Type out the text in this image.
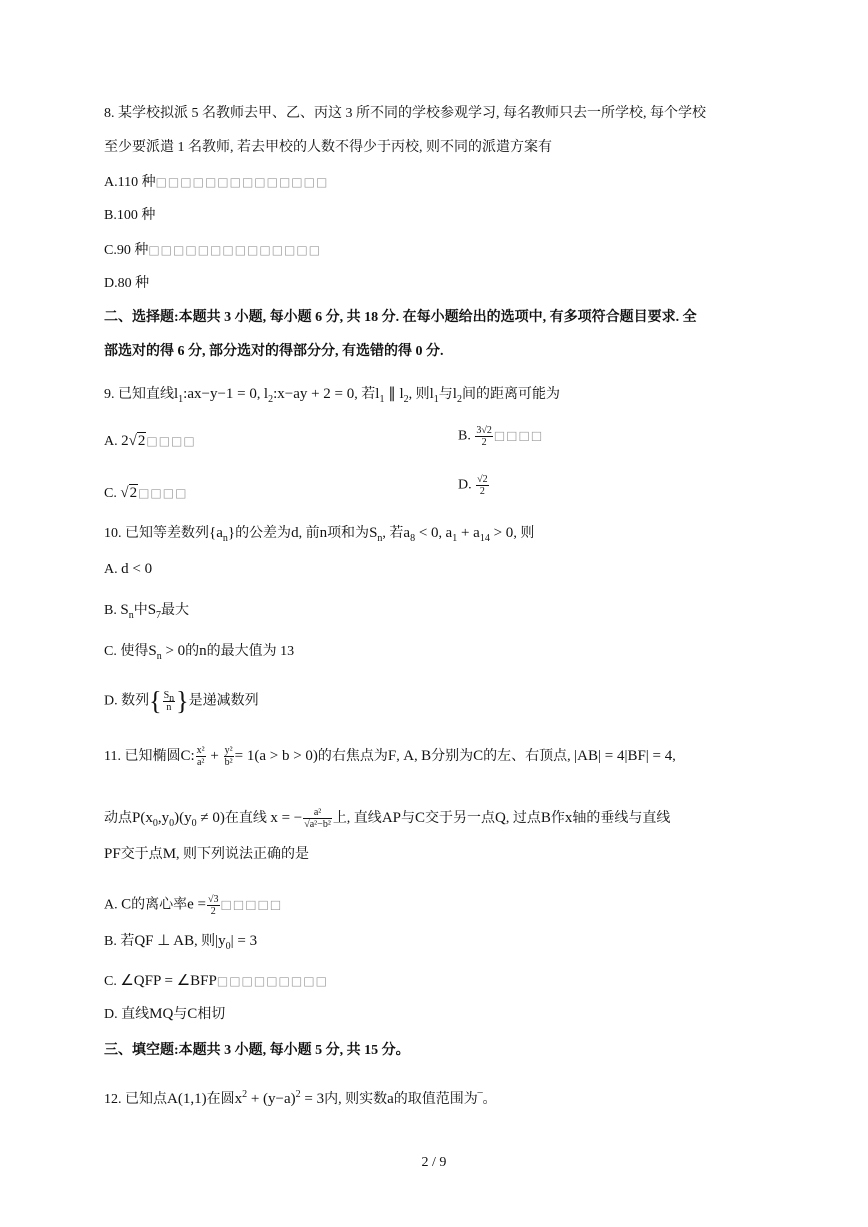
8. 某学校拟派 5 名教师去甲、乙、丙这 3 所不同的学校参观学习, 每名教师只去一所学校, 每个学校
至少要派遣 1 名教师, 若去甲校的人数不得少于丙校, 则不同的派遣方案有
A.110 种□□□□□□□□□□□□□□
B.100 种
C.90 种□□□□□□□□□□□□□□
D.80 种
二、选择题:本题共 3 小题, 每小题 6 分, 共 18 分. 在每小题给出的选项中, 有多项符合题目要求. 全
部选对的得 6 分, 部分选对的得部分分, 有选错的得 0 分.
9. 已知直线$l_1:ax-y-1 = 0$, $l_2:x-ay + 2 = 0$, 若$l_1$ ∥ $l_2$, 则$l_1$与$l_2$间的距离可能为
A. 2√2□□□□	B. $\frac{3√2}{2}$ □□□□
C. √2□□□□
D. $\frac{√2}{2}$
10. 已知等差数列$\{a_n\}$的公差为d, 前n项和为$S_n$, 若$a_8 < 0$, $a_1 + a_{14} > 0$, 则
A. d < 0
B. $S_n$中$S_7$最大
C. 使得$S_n > 0$的n的最大值为 13
D. 数列{ $\frac{S_n}{n}$ }是递减数列
11. 已知椭圆C: $\frac{\text{x²}}{\text{a²}} + \frac{\text{y²}}{\text{b²}} = 1(a > b > 0)$的右焦点为F, A, B分别为C的左、右顶点, |AB| = 4|BF| = 4,
动点$P(x_0,y_0)(y_0 \ne 0)$在直线 x = − $\frac{\text{a²}}{\text{√a²−b²}}$ 上, 直线AP与C交于另一点Q, 过点B作x轴的垂线与直线
PF交于点M, 则下列说法正确的是
A. C的离心率$e = \frac{√3}{2}$ □□□□□
B. 若QF ⊥ AB, 则$|y_0| = 3$
C. ∠QFP = ∠BFP□□□□□□□□□
D. 直线MQ与C相切
三、填空题:本题共 3 小题, 每小题 5 分, 共 15 分。
12. 已知点A(1,1)在圆$x^2 + (y-a)^2 = 3$内, 则实数a的取值范围为‾。
2 / 9
